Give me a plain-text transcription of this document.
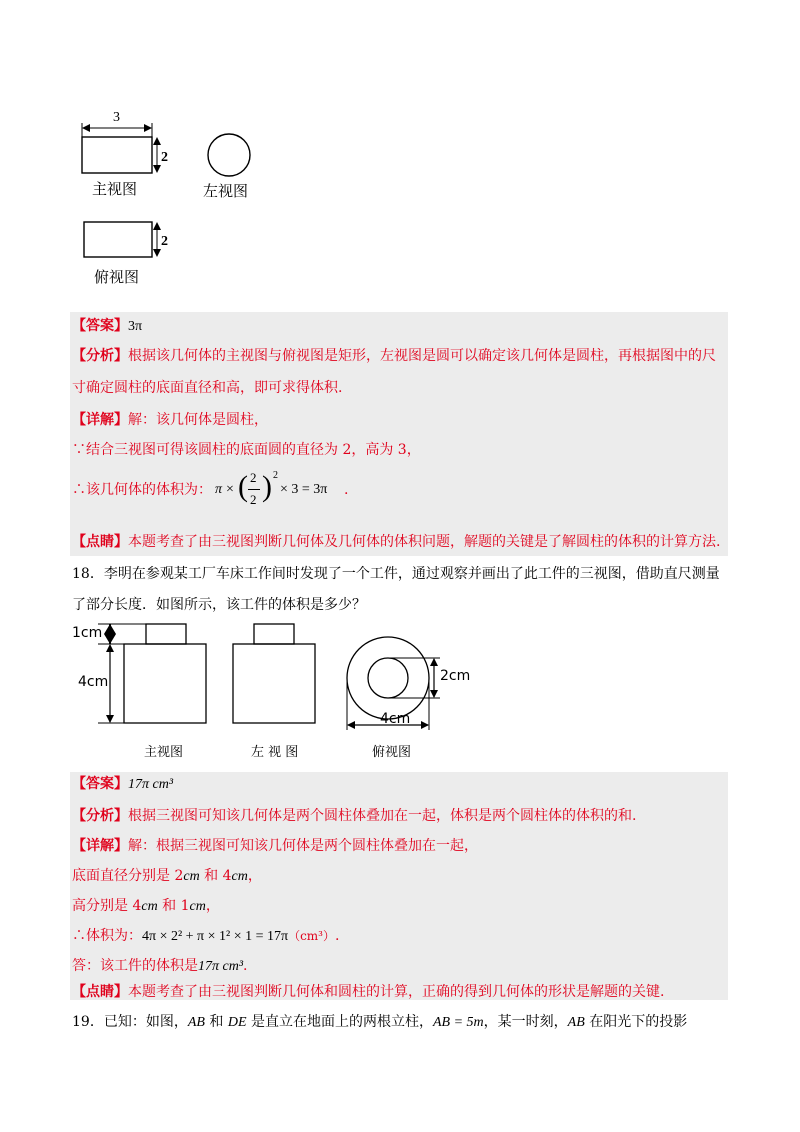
3
2
2
主视图	左视图
俯视图
【答案】3π
【分析】根据该几何体的主视图与俯视图是矩形，左视图是圆可以确定该几何体是圆柱，再根据图中的尺
寸确定圆柱的底面直径和高，即可求得体积.
【详解】解：该几何体是圆柱，
∵结合三视图可得该圆柱的底面圆的直径为 2，高为 3，
∴该几何体的体积为： π × ( 2
2 ) 2
× 3 = 3π .
【点睛】本题考查了由三视图判断几何体及几何体的体积问题，解题的关键是了解圆柱的体积的计算方法.
18．李明在参观某工厂车床工作间时发现了一个工件，通过观察并画出了此工件的三视图，借助直尺测量
了部分长度．如图所示，该工件的体积是多少？
1cm
4cm	2cm
4cm
主视图	左 视 图	俯视图
【答案】17π cm³
【分析】根据三视图可知该几何体是两个圆柱体叠加在一起，体积是两个圆柱体的体积的和.
【详解】解：根据三视图可知该几何体是两个圆柱体叠加在一起，
底面直径分别是 2cm 和 4cm，
高分别是 4cm 和 1cm，
∴体积为：4π × 2² + π × 1² × 1 = 17π（cm³）.
答：该工件的体积是17π cm³.
【点睛】本题考查了由三视图判断几何体和圆柱的计算，正确的得到几何体的形状是解题的关键.
19．已知：如图，AB 和 DE 是直立在地面上的两根立柱，AB = 5m，某一时刻，AB 在阳光下的投影
